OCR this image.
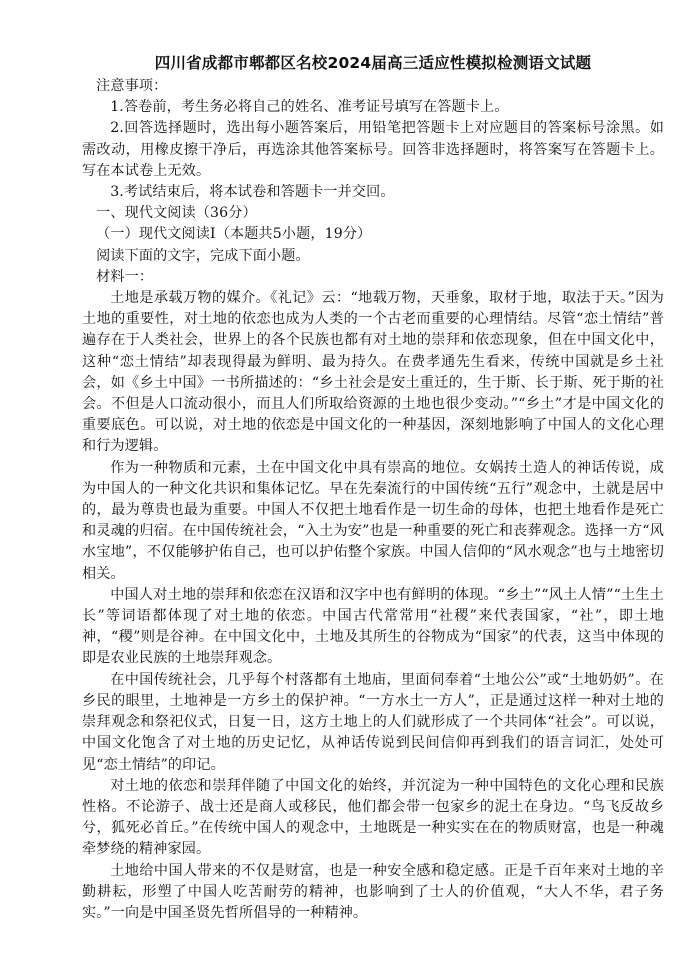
四川省成都市郫都区名校2024届高三适应性模拟检测语文试题

注意事项：

1.答卷前，考生务必将自己的姓名、准考证号填写在答题卡上。

2.回答选择题时，选出每小题答案后，用铅笔把答题卡上对应题目的答案标号涂黑。如需改动，用橡皮擦干净后，再选涂其他答案标号。回答非选择题时，将答案写在答题卡上。写在本试卷上无效。

3.考试结束后，将本试卷和答题卡一并交回。

一、现代文阅读（36分）

（一）现代文阅读Ⅰ（本题共5小题，19分）

阅读下面的文字，完成下面小题。

材料一：

土地是承载万物的媒介。《礼记》云：“地载万物，天垂象，取材于地，取法于天。”因为土地的重要性，对土地的依恋也成为人类的一个古老而重要的心理情结。尽管“恋土情结”普遍存在于人类社会，世界上的各个民族也都有对土地的崇拜和依恋现象，但在中国文化中，这种“恋土情结”却表现得最为鲜明、最为持久。在费孝通先生看来，传统中国就是乡土社会，如《乡土中国》一书所描述的：“乡土社会是安土重迁的，生于斯、长于斯、死于斯的社会。不但是人口流动很小，而且人们所取给资源的土地也很少变动。”“乡土”才是中国文化的重要底色。可以说，对土地的依恋是中国文化的一种基因，深刻地影响了中国人的文化心理和行为逻辑。

作为一种物质和元素，土在中国文化中具有崇高的地位。女娲抟土造人的神话传说，成为中国人的一种文化共识和集体记忆。早在先秦流行的中国传统“五行”观念中，土就是居中的，最为尊贵也最为重要。中国人不仅把土地看作是一切生命的母体，也把土地看作是死亡和灵魂的归宿。在中国传统社会，“入土为安”也是一种重要的死亡和丧葬观念。选择一方“风水宝地”，不仅能够护佑自己，也可以护佑整个家族。中国人信仰的“风水观念”也与土地密切相关。

中国人对土地的崇拜和依恋在汉语和汉字中也有鲜明的体现。“乡土”“风土人情”“土生土长”等词语都体现了对土地的依恋。中国古代常常用“社稷”来代表国家，“社”，即土地神，“稷”则是谷神。在中国文化中，土地及其所生的谷物成为“国家”的代表，这当中体现的即是农业民族的土地崇拜观念。

在中国传统社会，几乎每个村落都有土地庙，里面伺奉着“土地公公”或“土地奶奶”。在乡民的眼里，土地神是一方乡土的保护神。“一方水土一方人”，正是通过这样一种对土地的崇拜观念和祭祀仪式，日复一日，这方土地上的人们就形成了一个共同体“社会”。可以说，中国文化饱含了对土地的历史记忆，从神话传说到民间信仰再到我们的语言词汇，处处可见“恋土情结”的印记。

对土地的依恋和崇拜伴随了中国文化的始终，并沉淀为一种中国特色的文化心理和民族性格。不论游子、战士还是商人或移民，他们都会带一包家乡的泥土在身边。“鸟飞反故乡兮，狐死必首丘。”在传统中国人的观念中，土地既是一种实实在在的物质财富，也是一种魂牵梦绕的精神家园。

土地给中国人带来的不仅是财富，也是一种安全感和稳定感。正是千百年来对土地的辛勤耕耘，形塑了中国人吃苦耐劳的精神，也影响到了士人的价值观，“大人不华，君子务实。”一向是中国圣贤先哲所倡导的一种精神。
